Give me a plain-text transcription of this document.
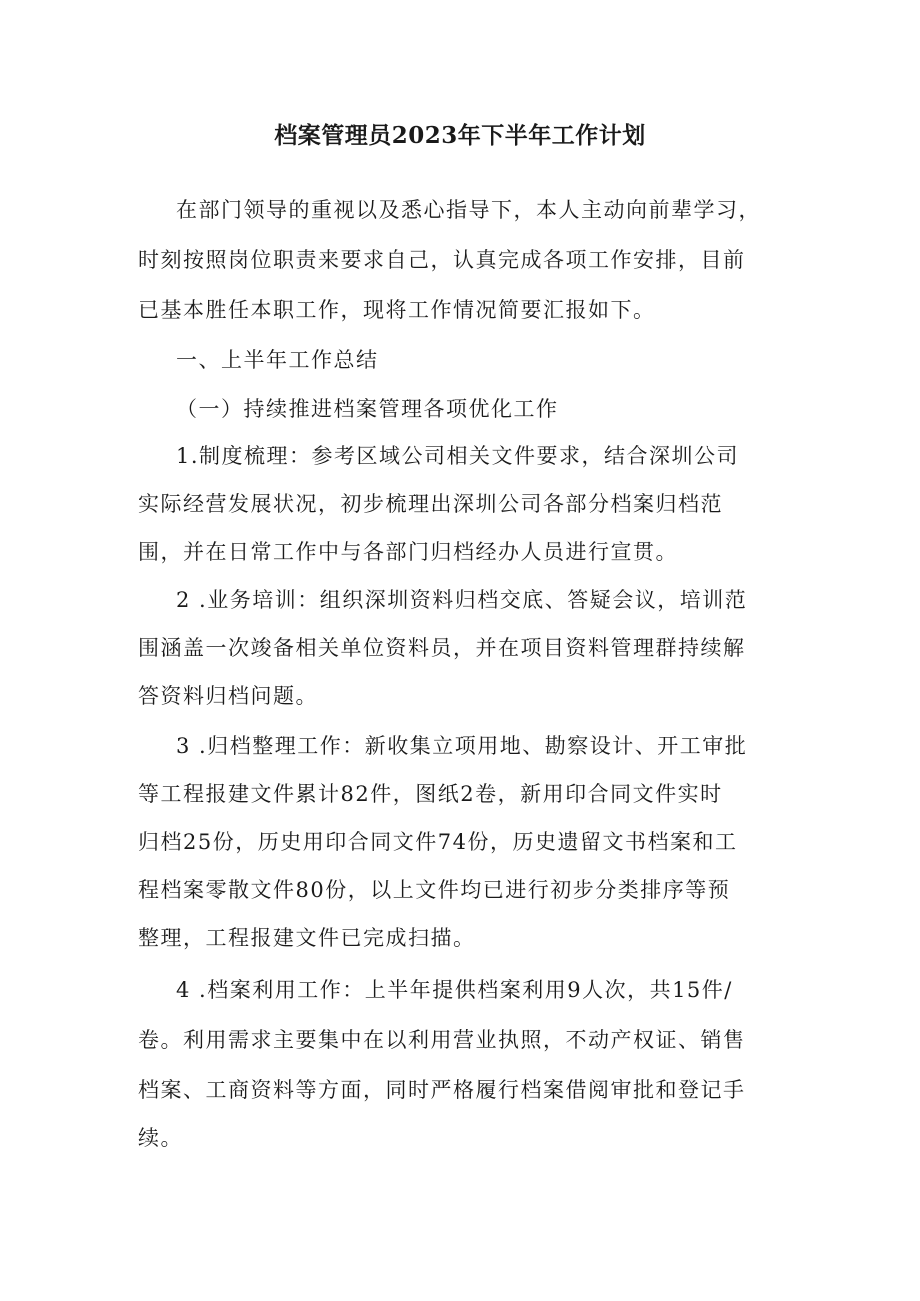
档案管理员2023年下半年工作计划
在部门领导的重视以及悉心指导下，本人主动向前辈学习，
时刻按照岗位职责来要求自己，认真完成各项工作安排，目前
已基本胜任本职工作，现将工作情况简要汇报如下。
一、上半年工作总结
（一）持续推进档案管理各项优化工作
1.制度梳理：参考区域公司相关文件要求，结合深圳公司
实际经营发展状况，初步梳理出深圳公司各部分档案归档范
围，并在日常工作中与各部门归档经办人员进行宣贯。
2 .业务培训：组织深圳资料归档交底、答疑会议，培训范
围涵盖一次竣备相关单位资料员，并在项目资料管理群持续解
答资料归档问题。
3 .归档整理工作：新收集立项用地、勘察设计、开工审批
等工程报建文件累计82件，图纸2卷，新用印合同文件实时
归档25份，历史用印合同文件74份，历史遗留文书档案和工
程档案零散文件80份，以上文件均已进行初步分类排序等预
整理，工程报建文件已完成扫描。
4 .档案利用工作：上半年提供档案利用9人次，共15件/
卷。利用需求主要集中在以利用营业执照，不动产权证、销售
档案、工商资料等方面，同时严格履行档案借阅审批和登记手
续。
